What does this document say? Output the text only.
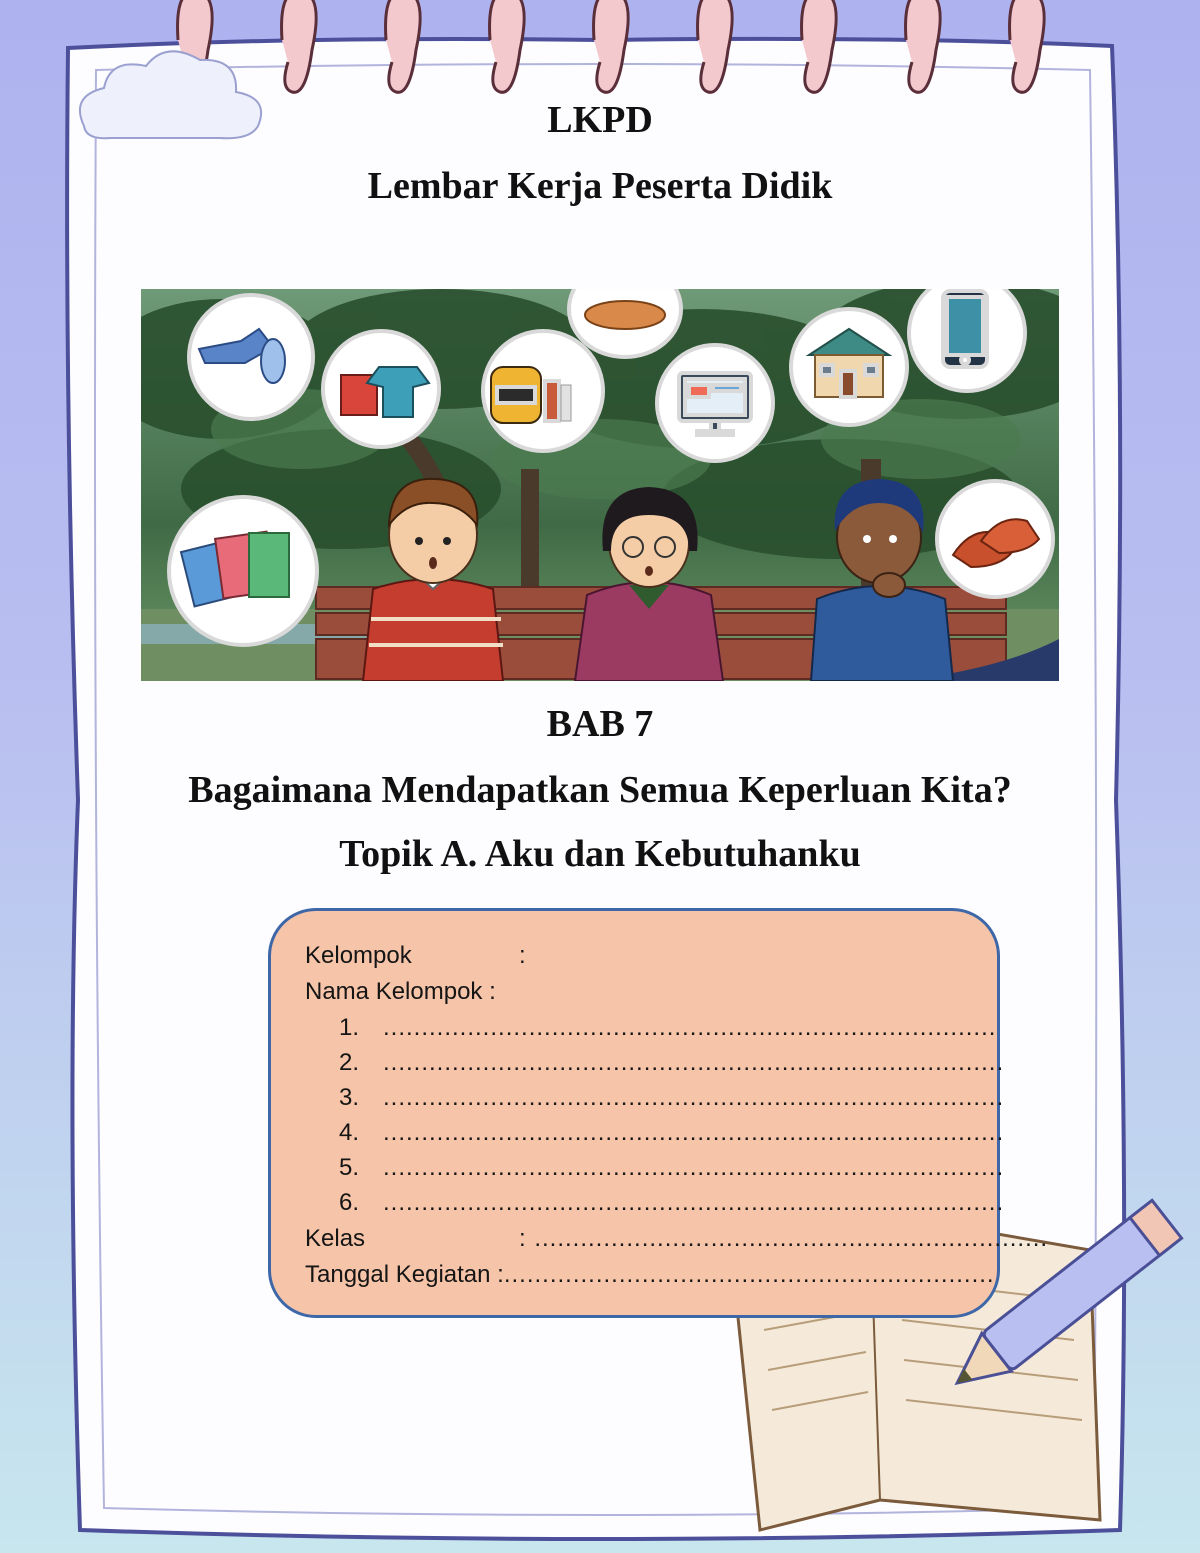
LKPD
Lembar Kerja Peserta Didik
BAB 7
Bagaimana Mendapatkan Semua Keperluan Kita?
Topik A. Aku dan Kebutuhanku
Kelompok	:
Nama Kelompok :
1. ................................................................................
2. .................................................................................
3. .................................................................................
4. .................................................................................
5. .................................................................................
6. .................................................................................
Kelas	: ...................................................................
Tanggal Kegiatan :................................................................
